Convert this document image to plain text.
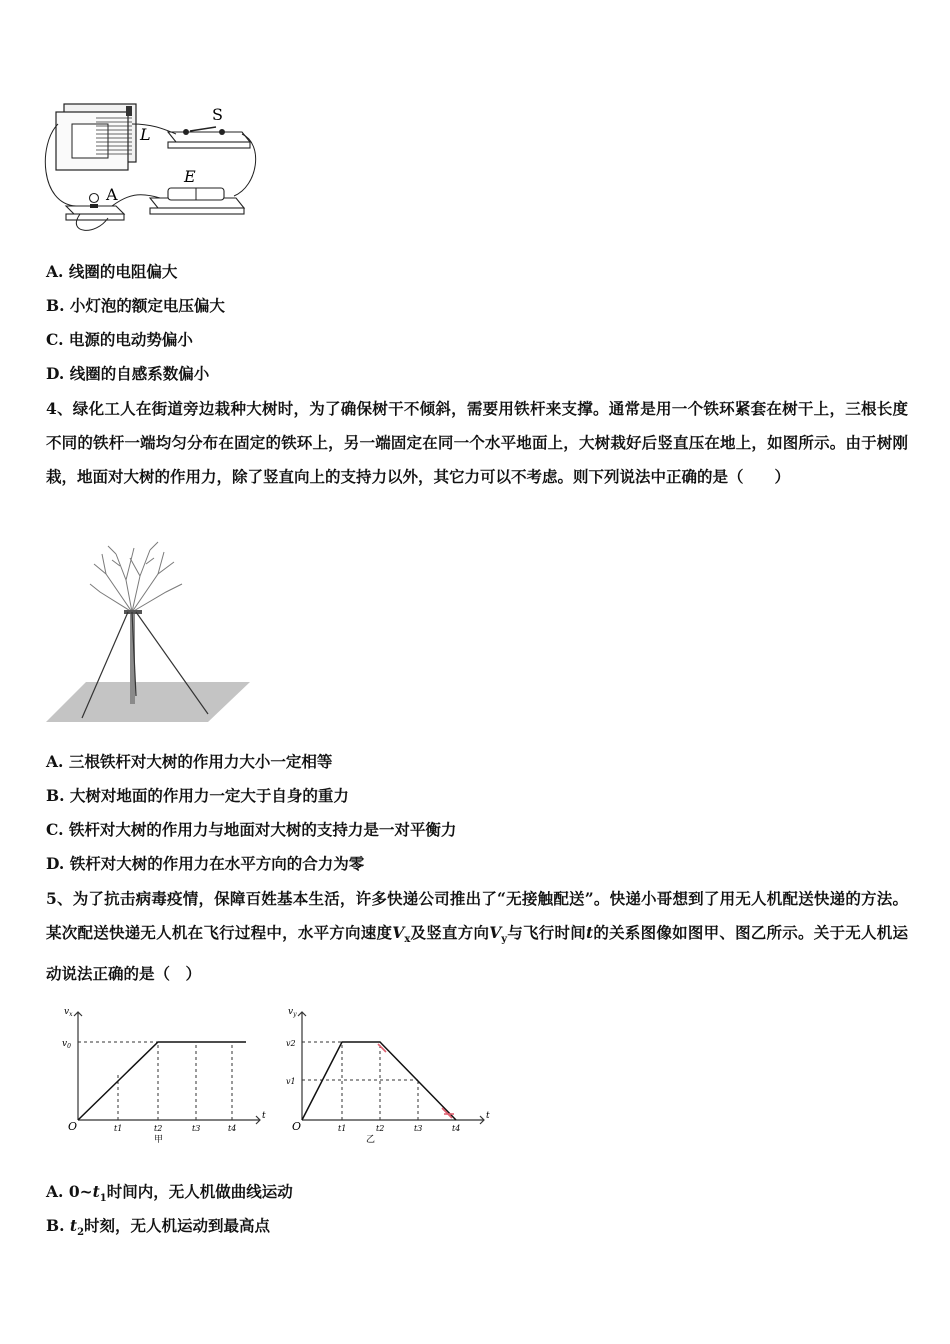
L
S
A
E
A. 线圈的电阻偏大
B. 小灯泡的额定电压偏大
C. 电源的电动势偏小
D. 线圈的自感系数偏小
4、绿化工人在街道旁边栽种大树时，为了确保树干不倾斜，需要用铁杆来支撑。通常是用一个铁环紧套在树干上，三根长度不同的铁杆一端均匀分布在固定的铁环上，另一端固定在同一个水平地面上，大树栽好后竖直压在地上，如图所示。由于树刚栽，地面对大树的作用力，除了竖直向上的支持力以外，其它力可以不考虑。则下列说法中正确的是（　　）
A. 三根铁杆对大树的作用力大小一定相等
B. 大树对地面的作用力一定大于自身的重力
C. 铁杆对大树的作用力与地面对大树的支持力是一对平衡力
D. 铁杆对大树的作用力在水平方向的合力为零
5、为了抗击病毒疫情，保障百姓基本生活，许多快递公司推出了“无接触配送”。快递小哥想到了用无人机配送快递的方法。某次配送快递无人机在飞行过程中，水平方向速度$V_x$及竖直方向$V_y$与飞行时间t的关系图像如图甲、图乙所示。关于无人机运动说法正确的是（　）
$v_x$
$v_0$
O
t
t1	t2	t3	t4
甲
$v_y$
v2
v1
O
t
t1	t2	t3	t4
乙
A. $0\sim t_1$时间内，无人机做曲线运动
B. $t_2$时刻，无人机运动到最高点
